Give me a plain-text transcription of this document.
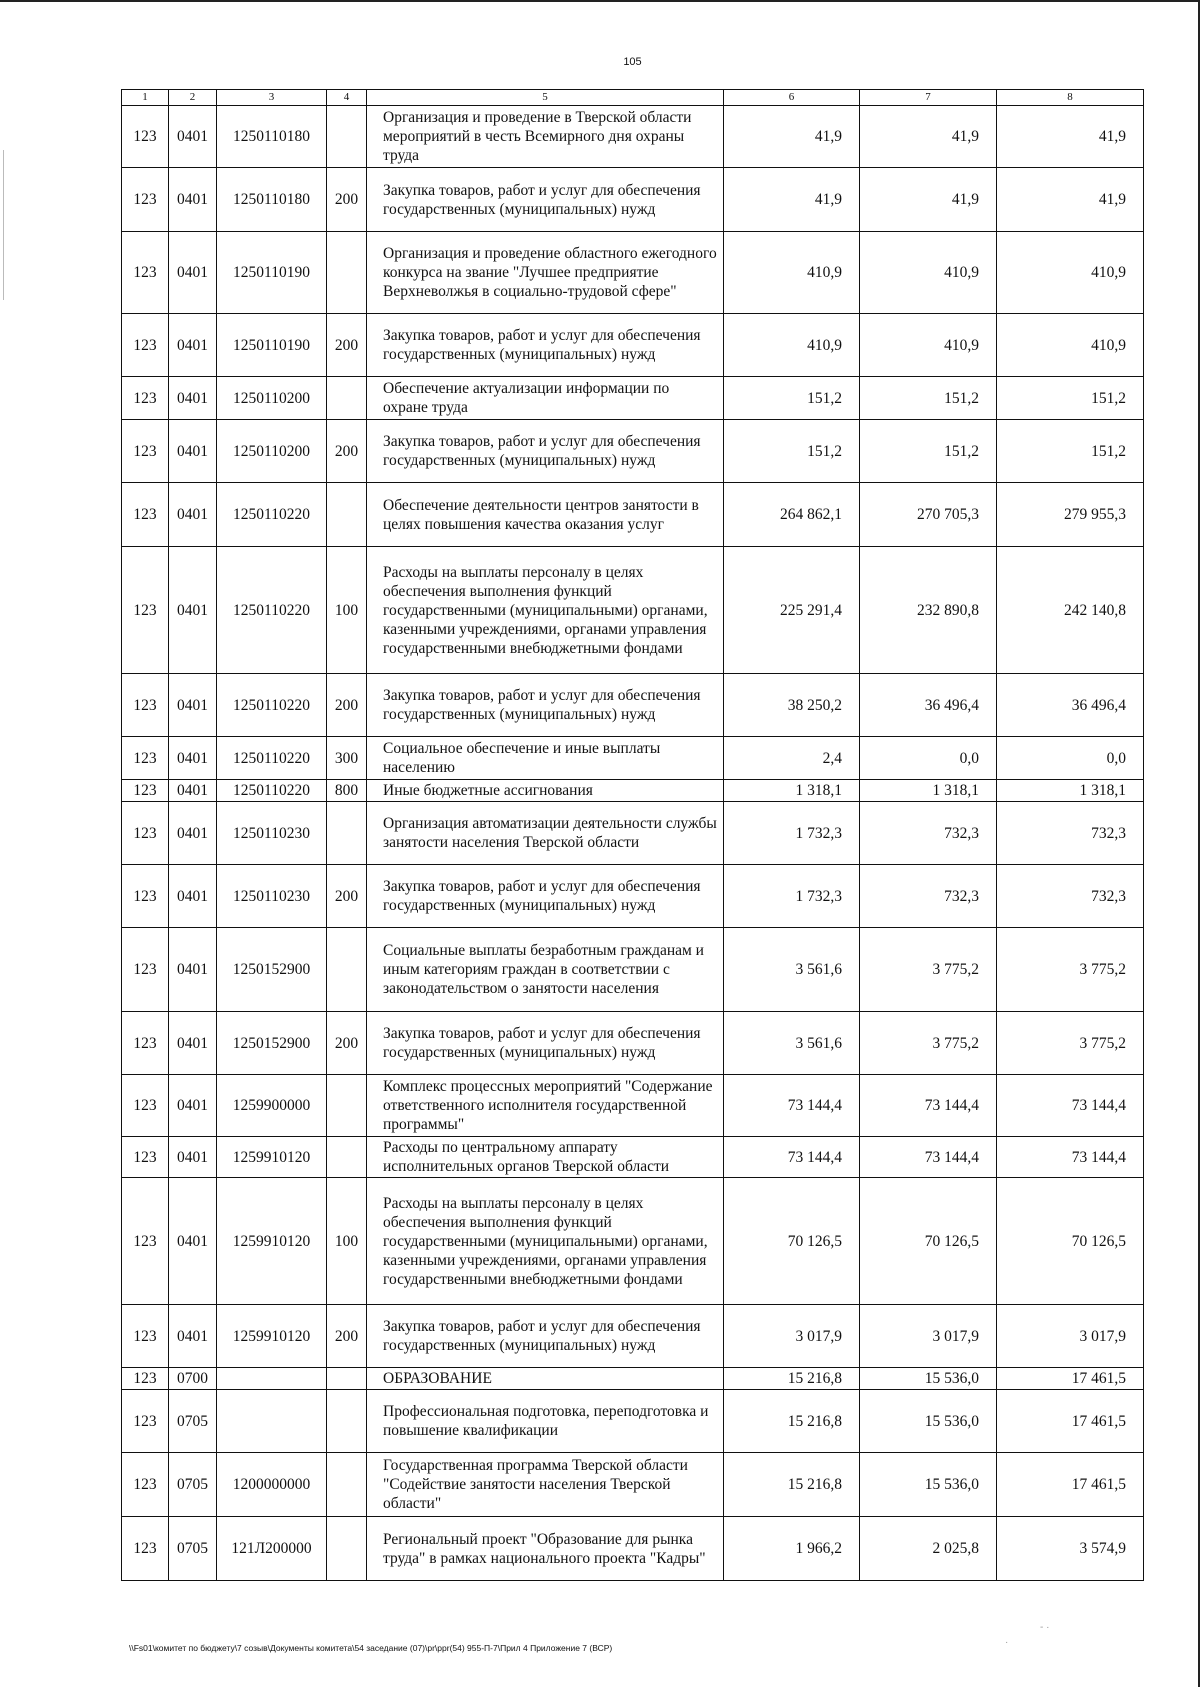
105
1	2	3	4	5	6	7	8
123	0401	1250110180		Организация и проведение в Тверской области мероприятий в честь Всемирного дня охраны труда	41,9	41,9	41,9
123	0401	1250110180	200	Закупка товаров, работ и услуг для обеспечения государственных (муниципальных) нужд	41,9	41,9	41,9
123	0401	1250110190		Организация и проведение областного ежегодного конкурса на звание "Лучшее предприятие Верхневолжья в социально-трудовой сфере"	410,9	410,9	410,9
123	0401	1250110190	200	Закупка товаров, работ и услуг для обеспечения государственных (муниципальных) нужд	410,9	410,9	410,9
123	0401	1250110200		Обеспечение актуализации информации по охране труда	151,2	151,2	151,2
123	0401	1250110200	200	Закупка товаров, работ и услуг для обеспечения государственных (муниципальных) нужд	151,2	151,2	151,2
123	0401	1250110220		Обеспечение деятельности центров занятости в целях повышения качества оказания услуг	264 862,1	270 705,3	279 955,3
123	0401	1250110220	100	Расходы на выплаты персоналу в целях обеспечения выполнения функций государственными (муниципальными) органами, казенными учреждениями, органами управления государственными внебюджетными фондами	225 291,4	232 890,8	242 140,8
123	0401	1250110220	200	Закупка товаров, работ и услуг для обеспечения государственных (муниципальных) нужд	38 250,2	36 496,4	36 496,4
123	0401	1250110220	300	Социальное обеспечение и иные выплаты населению	2,4	0,0	0,0
123	0401	1250110220	800	Иные бюджетные ассигнования	1 318,1	1 318,1	1 318,1
123	0401	1250110230		Организация автоматизации деятельности службы занятости населения Тверской области	1 732,3	732,3	732,3
123	0401	1250110230	200	Закупка товаров, работ и услуг для обеспечения государственных (муниципальных) нужд	1 732,3	732,3	732,3
123	0401	1250152900		Социальные выплаты безработным гражданам и иным категориям граждан в соответствии с законодательством о занятости населения	3 561,6	3 775,2	3 775,2
123	0401	1250152900	200	Закупка товаров, работ и услуг для обеспечения государственных (муниципальных) нужд	3 561,6	3 775,2	3 775,2
123	0401	1259900000		Комплекс процессных мероприятий "Содержание ответственного исполнителя государственной программы"	73 144,4	73 144,4	73 144,4
123	0401	1259910120		Расходы по центральному аппарату исполнительных органов Тверской области	73 144,4	73 144,4	73 144,4
123	0401	1259910120	100	Расходы на выплаты персоналу в целях обеспечения выполнения функций государственными (муниципальными) органами, казенными учреждениями, органами управления государственными внебюджетными фондами	70 126,5	70 126,5	70 126,5
123	0401	1259910120	200	Закупка товаров, работ и услуг для обеспечения государственных (муниципальных) нужд	3 017,9	3 017,9	3 017,9
123	0700			ОБРАЗОВАНИЕ	15 216,8	15 536,0	17 461,5
123	0705			Профессиональная подготовка, переподготовка и повышение квалификации	15 216,8	15 536,0	17 461,5
123	0705	1200000000		Государственная программа Тверской области "Содействие занятости населения Тверской области"	15 216,8	15 536,0	17 461,5
123	0705	121Л200000		Региональный проект "Образование для рынка труда" в рамках национального проекта "Кадры"	1 966,2	2 025,8	3 574,9
\\Fs01\комитет по бюджету\7 созыв\Документы комитета\54 заседание (07)\pr\ppr(54) 955-П-7\Прил 4 Приложение 7 (ВСР)
- ·
·
